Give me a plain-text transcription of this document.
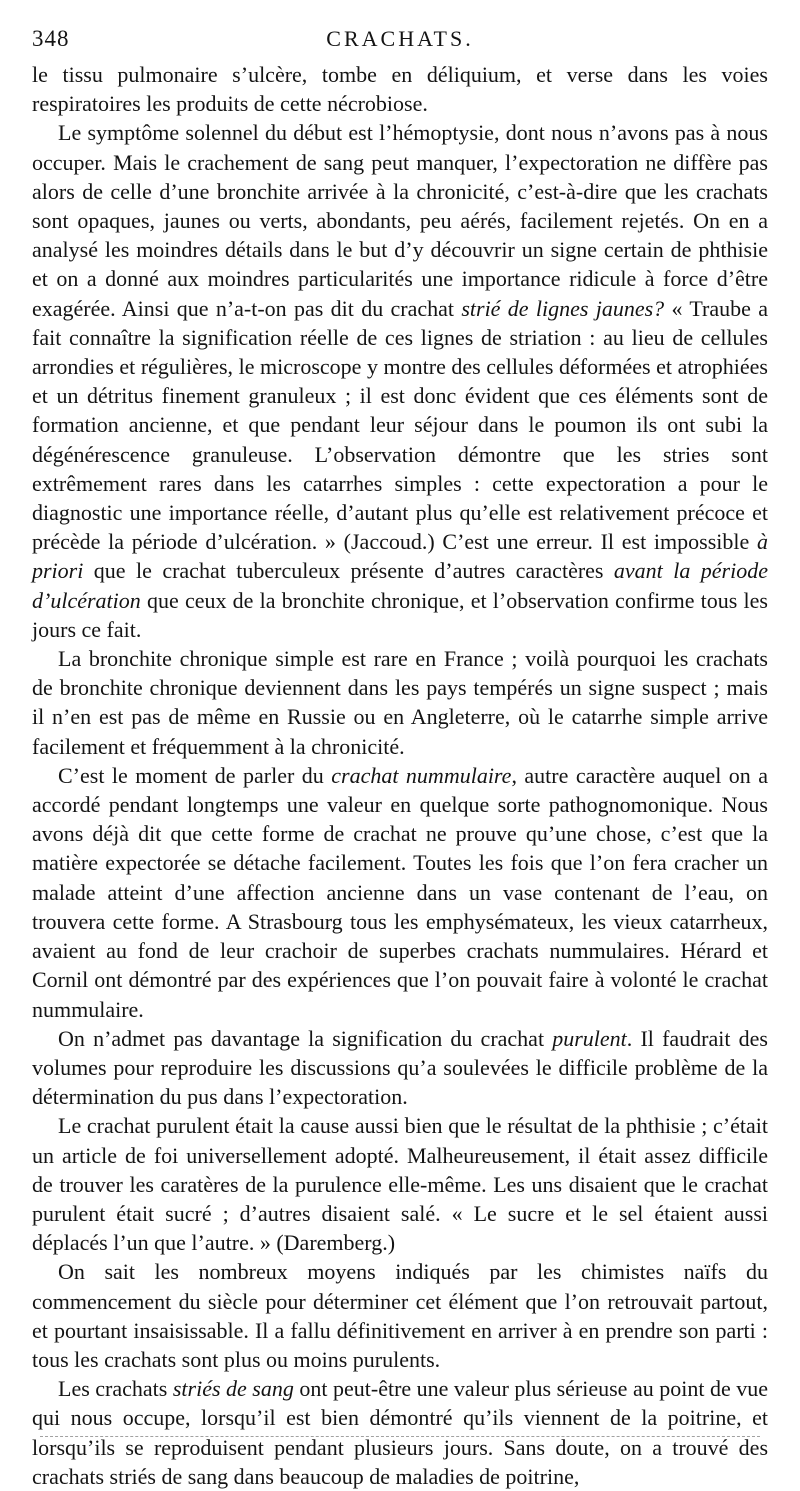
348	CRACHATS.

le tissu pulmonaire s’ulcère, tombe en déliquium, et verse dans les voies respiratoires les produits de cette nécrobiose.

Le symptôme solennel du début est l’hémoptysie, dont nous n’avons pas à nous occuper. Mais le crachement de sang peut manquer, l’expectoration ne diffère pas alors de celle d’une bronchite arrivée à la chronicité, c’est-à-dire que les crachats sont opaques, jaunes ou verts, abondants, peu aérés, facilement rejetés. On en a analysé les moindres détails dans le but d’y découvrir un signe certain de phthisie et on a donné aux moindres particularités une importance ridicule à force d’être exagérée. Ainsi que n’a-t-on pas dit du crachat strié de lignes jaunes? « Traube a fait connaître la signification réelle de ces lignes de striation : au lieu de cellules arrondies et régulières, le microscope y montre des cellules déformées et atrophiées et un détritus finement granuleux ; il est donc évident que ces éléments sont de formation ancienne, et que pendant leur séjour dans le poumon ils ont subi la dégénérescence granuleuse. L’observation démontre que les stries sont extrêmement rares dans les catarrhes simples : cette expectoration a pour le diagnostic une importance réelle, d’autant plus qu’elle est relativement précoce et précède la période d’ulcération. » (Jaccoud.) C’est une erreur. Il est impossible à priori que le crachat tuberculeux présente d’autres caractères avant la période d’ulcération que ceux de la bronchite chronique, et l’observation confirme tous les jours ce fait.

La bronchite chronique simple est rare en France ; voilà pourquoi les crachats de bronchite chronique deviennent dans les pays tempérés un signe suspect ; mais il n’en est pas de même en Russie ou en Angleterre, où le catarrhe simple arrive facilement et fréquemment à la chronicité.

C’est le moment de parler du crachat nummulaire, autre caractère auquel on a accordé pendant longtemps une valeur en quelque sorte pathognomonique. Nous avons déjà dit que cette forme de crachat ne prouve qu’une chose, c’est que la matière expectorée se détache facilement. Toutes les fois que l’on fera cracher un malade atteint d’une affection ancienne dans un vase contenant de l’eau, on trouvera cette forme. A Strasbourg tous les emphysémateux, les vieux catarrheux, avaient au fond de leur crachoir de superbes crachats nummulaires. Hérard et Cornil ont démontré par des expériences que l’on pouvait faire à volonté le crachat nummulaire.

On n’admet pas davantage la signification du crachat purulent. Il faudrait des volumes pour reproduire les discussions qu’a soulevées le difficile problème de la détermination du pus dans l’expectoration.

Le crachat purulent était la cause aussi bien que le résultat de la phthisie ; c’était un article de foi universellement adopté. Malheureusement, il était assez difficile de trouver les caratères de la purulence elle-même. Les uns disaient que le crachat purulent était sucré ; d’autres disaient salé. « Le sucre et le sel étaient aussi déplacés l’un que l’autre. » (Daremberg.)

On sait les nombreux moyens indiqués par les chimistes naïfs du commencement du siècle pour déterminer cet élément que l’on retrouvait partout, et pourtant insaisissable. Il a fallu définitivement en arriver à en prendre son parti : tous les crachats sont plus ou moins purulents.

Les crachats striés de sang ont peut-être une valeur plus sérieuse au point de vue qui nous occupe, lorsqu’il est bien démontré qu’ils viennent de la poitrine, et lorsqu’ils se reproduisent pendant plusieurs jours. Sans doute, on a trouvé des crachats striés de sang dans beaucoup de maladies de poitrine,
